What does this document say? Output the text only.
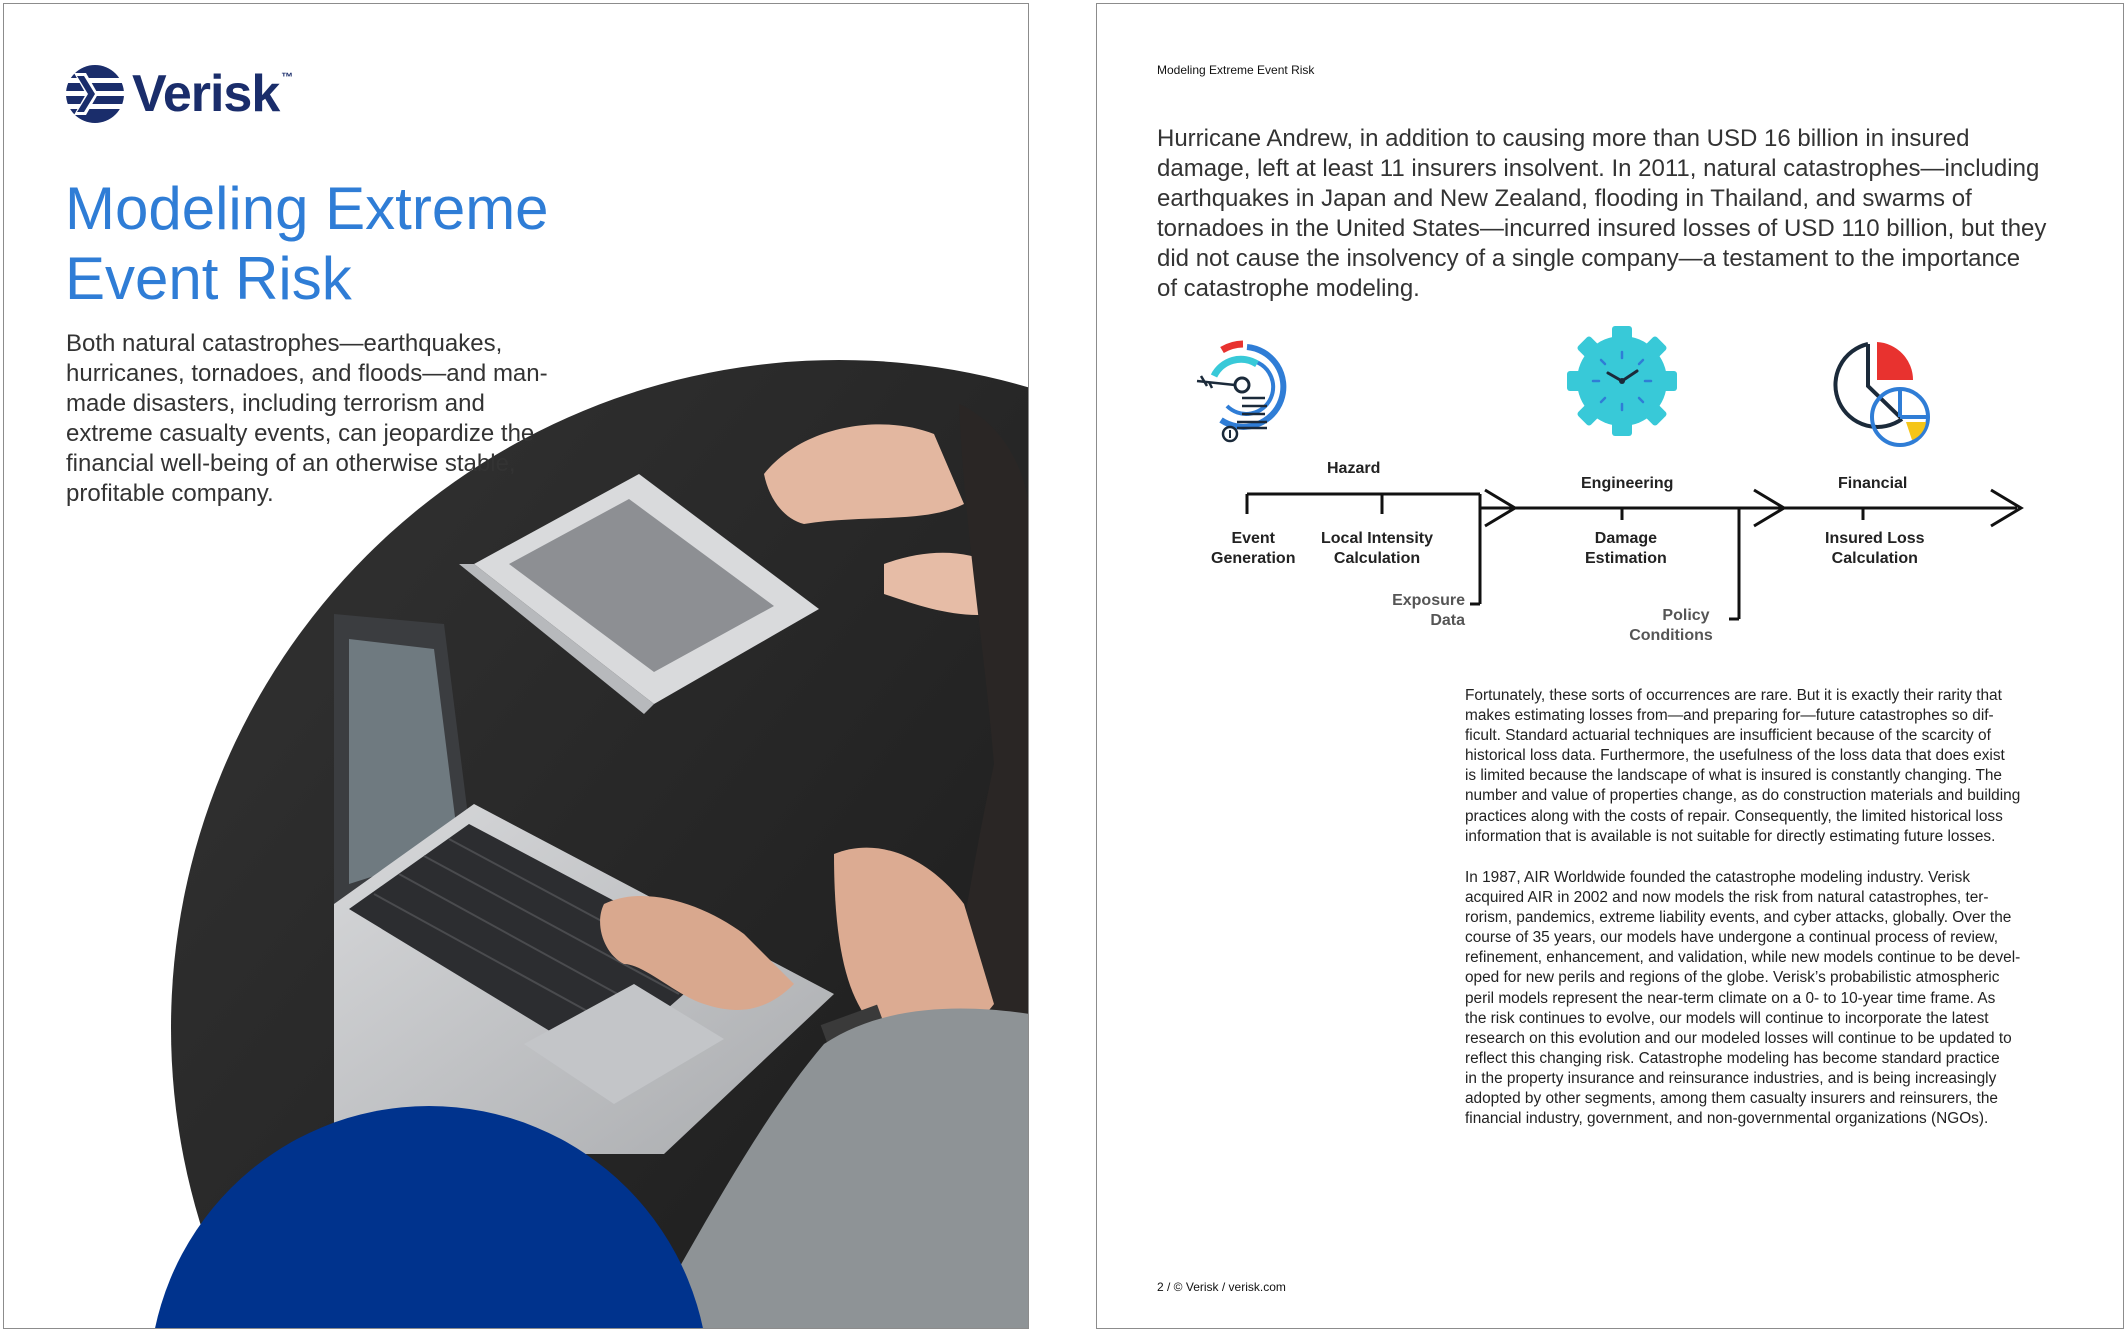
Verisk ™
Modeling Extreme
Event Risk

Both natural catastrophes—earthquakes,
hurricanes, tornadoes, and floods—and man-
made disasters, including terrorism and
extreme casualty events, can jeopardize the
financial well-being of an otherwise stable,
profitable company.

Modeling Extreme Event Risk

Hurricane Andrew, in addition to causing more than USD 16 billion in insured
damage, left at least 11 insurers insolvent. In 2011, natural catastrophes—including
earthquakes in Japan and New Zealand, flooding in Thailand, and swarms of
tornadoes in the United States—incurred insured losses of USD 110 billion, but they
did not cause the insolvency of a single company—a testament to the importance
of catastrophe modeling.

Hazard
Engineering	Financial
Event
Generation
Local Intensity
Calculation
Damage
Estimation
Insured Loss
Calculation
Exposure
Data	Policy
Conditions

Fortunately, these sorts of occurrences are rare. But it is exactly their rarity that
makes estimating losses from—and preparing for—future catastrophes so dif-
ficult. Standard actuarial techniques are insufficient because of the scarcity of
historical loss data. Furthermore, the usefulness of the loss data that does exist
is limited because the landscape of what is insured is constantly changing. The
number and value of properties change, as do construction materials and building
practices along with the costs of repair. Consequently, the limited historical loss
information that is available is not suitable for directly estimating future losses.

In 1987, AIR Worldwide founded the catastrophe modeling industry. Verisk
acquired AIR in 2002 and now models the risk from natural catastrophes, ter-
rorism, pandemics, extreme liability events, and cyber attacks, globally. Over the
course of 35 years, our models have undergone a continual process of review,
refinement, enhancement, and validation, while new models continue to be devel-
oped for new perils and regions of the globe. Verisk’s probabilistic atmospheric
peril models represent the near-term climate on a 0- to 10-year time frame. As
the risk continues to evolve, our models will continue to incorporate the latest
research on this evolution and our modeled losses will continue to be updated to
reflect this changing risk. Catastrophe modeling has become standard practice
in the property insurance and reinsurance industries, and is being increasingly
adopted by other segments, among them casualty insurers and reinsurers, the
financial industry, government, and non-governmental organizations (NGOs).

2 / © Verisk / verisk.com
